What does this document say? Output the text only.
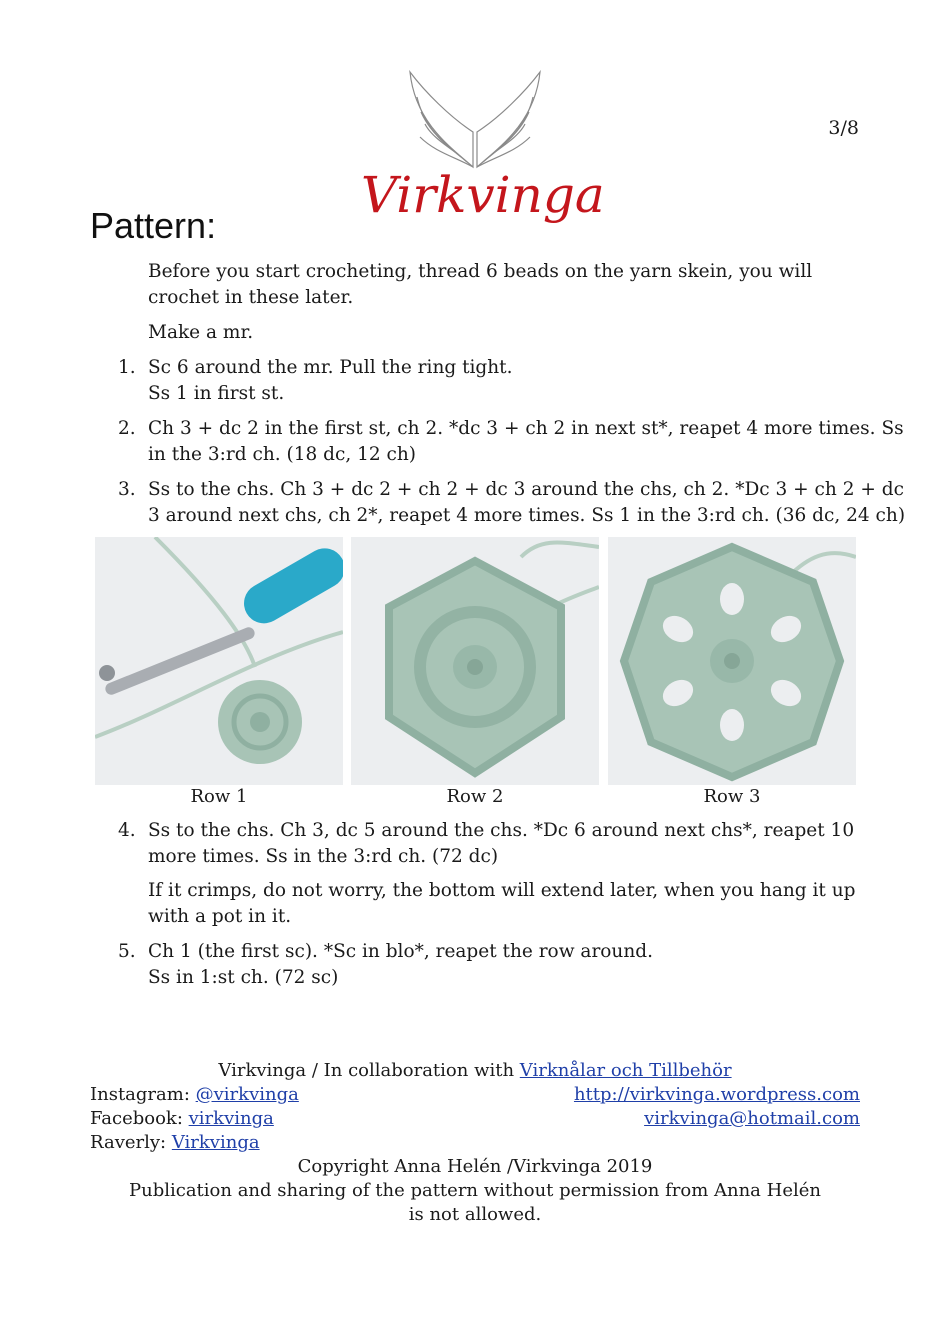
Virkvinga
3/8
Pattern:

Before you start crocheting, thread 6 beads on the yarn skein, you will crochet in these later.

Make a mr.

1. Sc 6 around the mr. Pull the ring tight.
Ss 1 in first st.
2. Ch 3 + dc 2 in the first st, ch 2. *dc 3 + ch 2 in next st*, reapet 4 more times. Ss
in the 3:rd ch. (18 dc, 12 ch)
3. Ss to the chs. Ch 3 + dc 2 + ch 2 + dc 3 around the chs, ch 2. *Dc 3 + ch 2 + dc
3 around next chs, ch 2*, reapet 4 more times. Ss 1 in the 3:rd ch. (36 dc, 24 ch)
Row 1	Row 2	Row 3
4. Ss to the chs. Ch 3, dc 5 around the chs. *Dc 6 around next chs*, reapet 10
more times. Ss in the 3:rd ch. (72 dc)
If it crimps, do not worry, the bottom will extend later, when you hang it up
with a pot in it.
5. Ch 1 (the first sc). *Sc in blo*, reapet the row around.
Ss in 1:st ch. (72 sc)
Virkvinga / In collaboration with Virknålar och Tillbehör
Instagram: @virkvinga	http://virkvinga.wordpress.com
Facebook: virkvinga	virkvinga@hotmail.com
Raverly: Virkvinga
Copyright Anna Helén /Virkvinga 2019
Publication and sharing of the pattern without permission from Anna Helén is not allowed.
